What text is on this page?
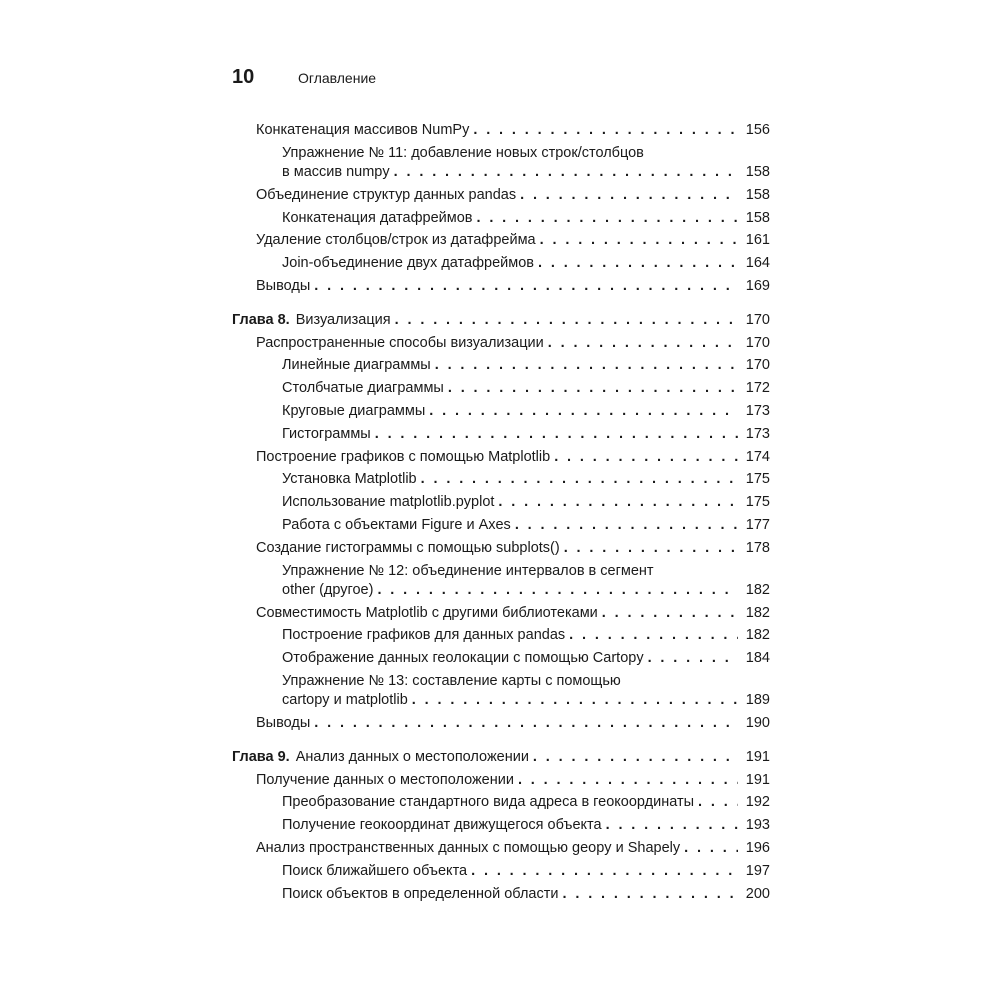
10	Оглавление
Конкатенация массивов NumPy . . .	156
Упражнение № 11: добавление новых строк/столбцов
в массив numpy . . .	158
Объединение структур данных pandas . . .	158
Конкатенация датафреймов . . .	158
Удаление столбцов/строк из датафрейма . . .	161
Join-объединение двух датафреймов . . .	164
Выводы . . .	169
Глава 8. Визуализация . . .	170
Распространенные способы визуализации . . .	170
Линейные диаграммы . . .	170
Столбчатые диаграммы . . .	172
Круговые диаграммы . . .	173
Гистограммы . . .	173
Построение графиков с помощью Matplotlib . . .	174
Установка Matplotlib . . .	175
Использование matplotlib.pyplot . . .	175
Работа с объектами Figure и Axes . . .	177
Создание гистограммы с помощью subplots() . . .	178
Упражнение № 12: объединение интервалов в сегмент
other (другое) . . .	182
Совместимость Matplotlib с другими библиотеками . . .	182
Построение графиков для данных pandas . . .	182
Отображение данных геолокации с помощью Cartopy . . .	184
Упражнение № 13: составление карты с помощью
cartopy и matplotlib . . .	189
Выводы . . .	190
Глава 9. Анализ данных о местоположении . . .	191
Получение данных о местоположении . . .	191
Преобразование стандартного вида адреса в геокоординаты . . .	192
Получение геокоординат движущегося объекта . . .	193
Анализ пространственных данных с помощью geopy и Shapely . . .	196
Поиск ближайшего объекта . . .	197
Поиск объектов в определенной области . . .	200
